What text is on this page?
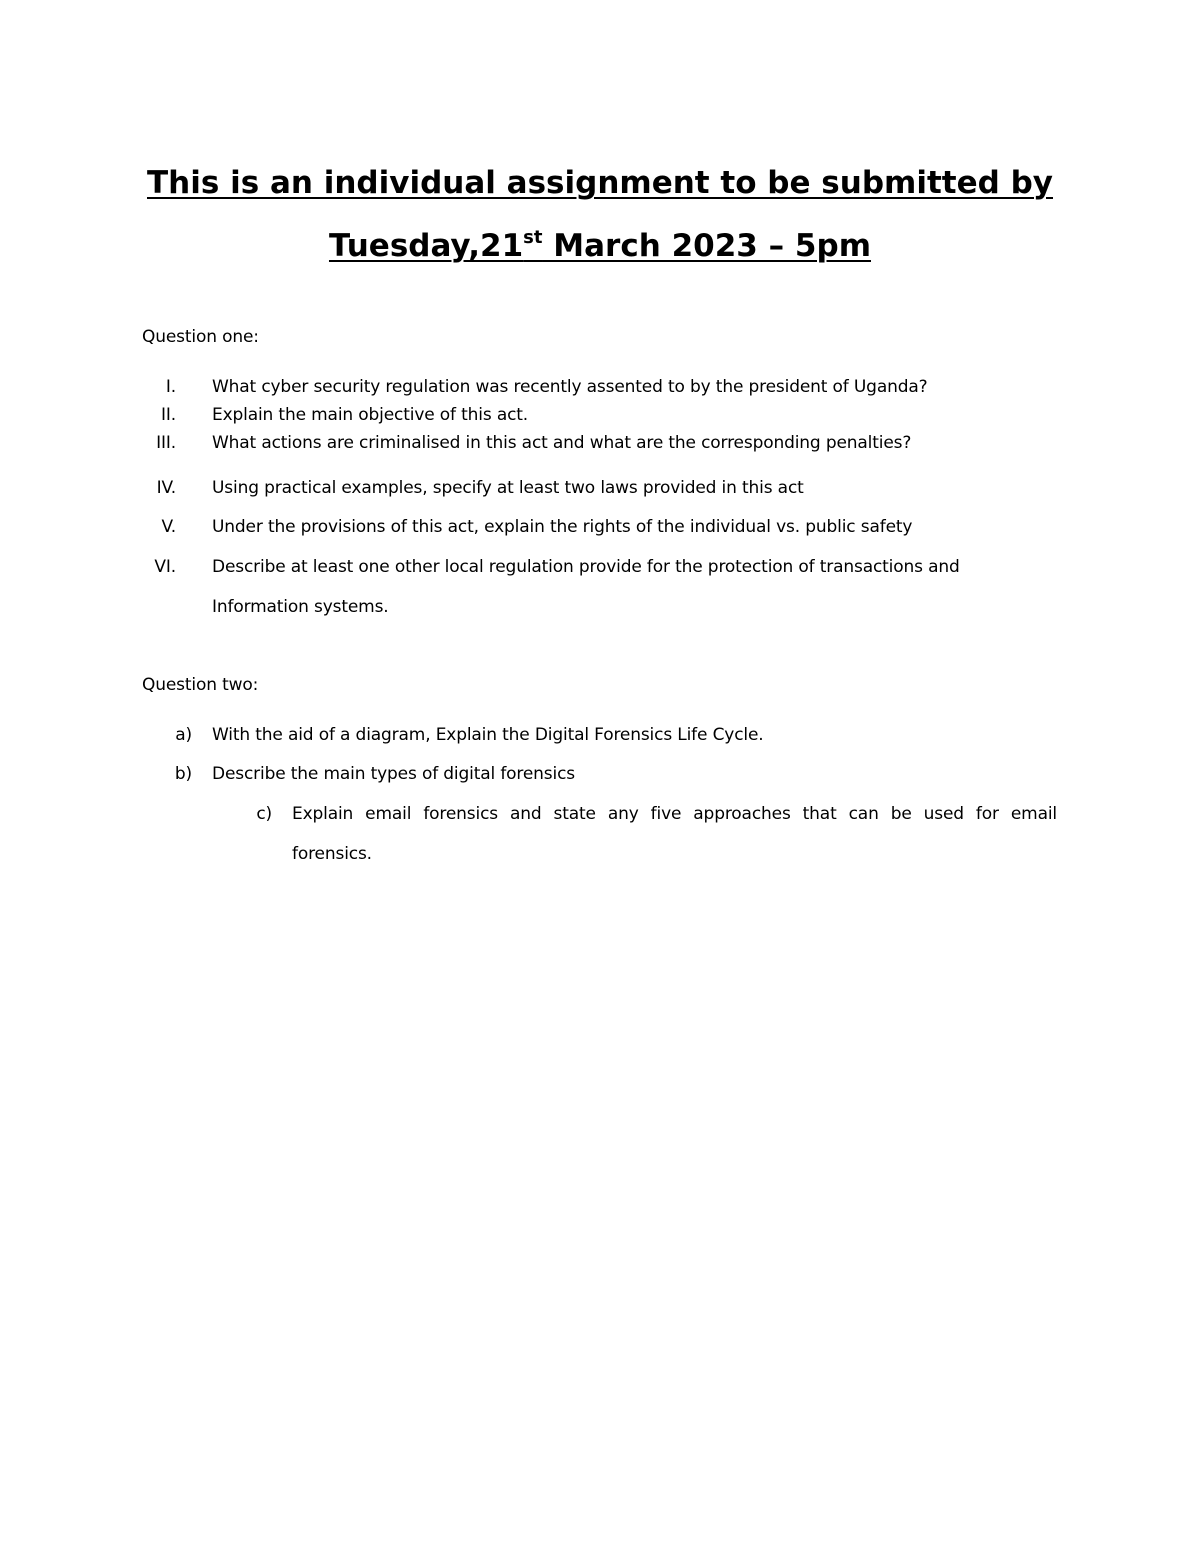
This is an individual assignment to be submitted by
Tuesday,21st March 2023 – 5pm
Question one:
I. What cyber security regulation was recently assented to by the president of Uganda?
II. Explain the main objective of this act.
III. What actions are criminalised in this act and what are the corresponding penalties?
IV. Using practical examples, specify at least two laws provided in this act
V. Under the provisions of this act, explain the rights of the individual vs. public safety
VI. Describe at least one other local regulation provide for the protection of transactions and
Information systems.
Question two:
a) With the aid of a diagram, Explain the Digital Forensics Life Cycle.
b) Describe the main types of digital forensics
c) Explain email forensics and state any five approaches that can be used for email
forensics.
